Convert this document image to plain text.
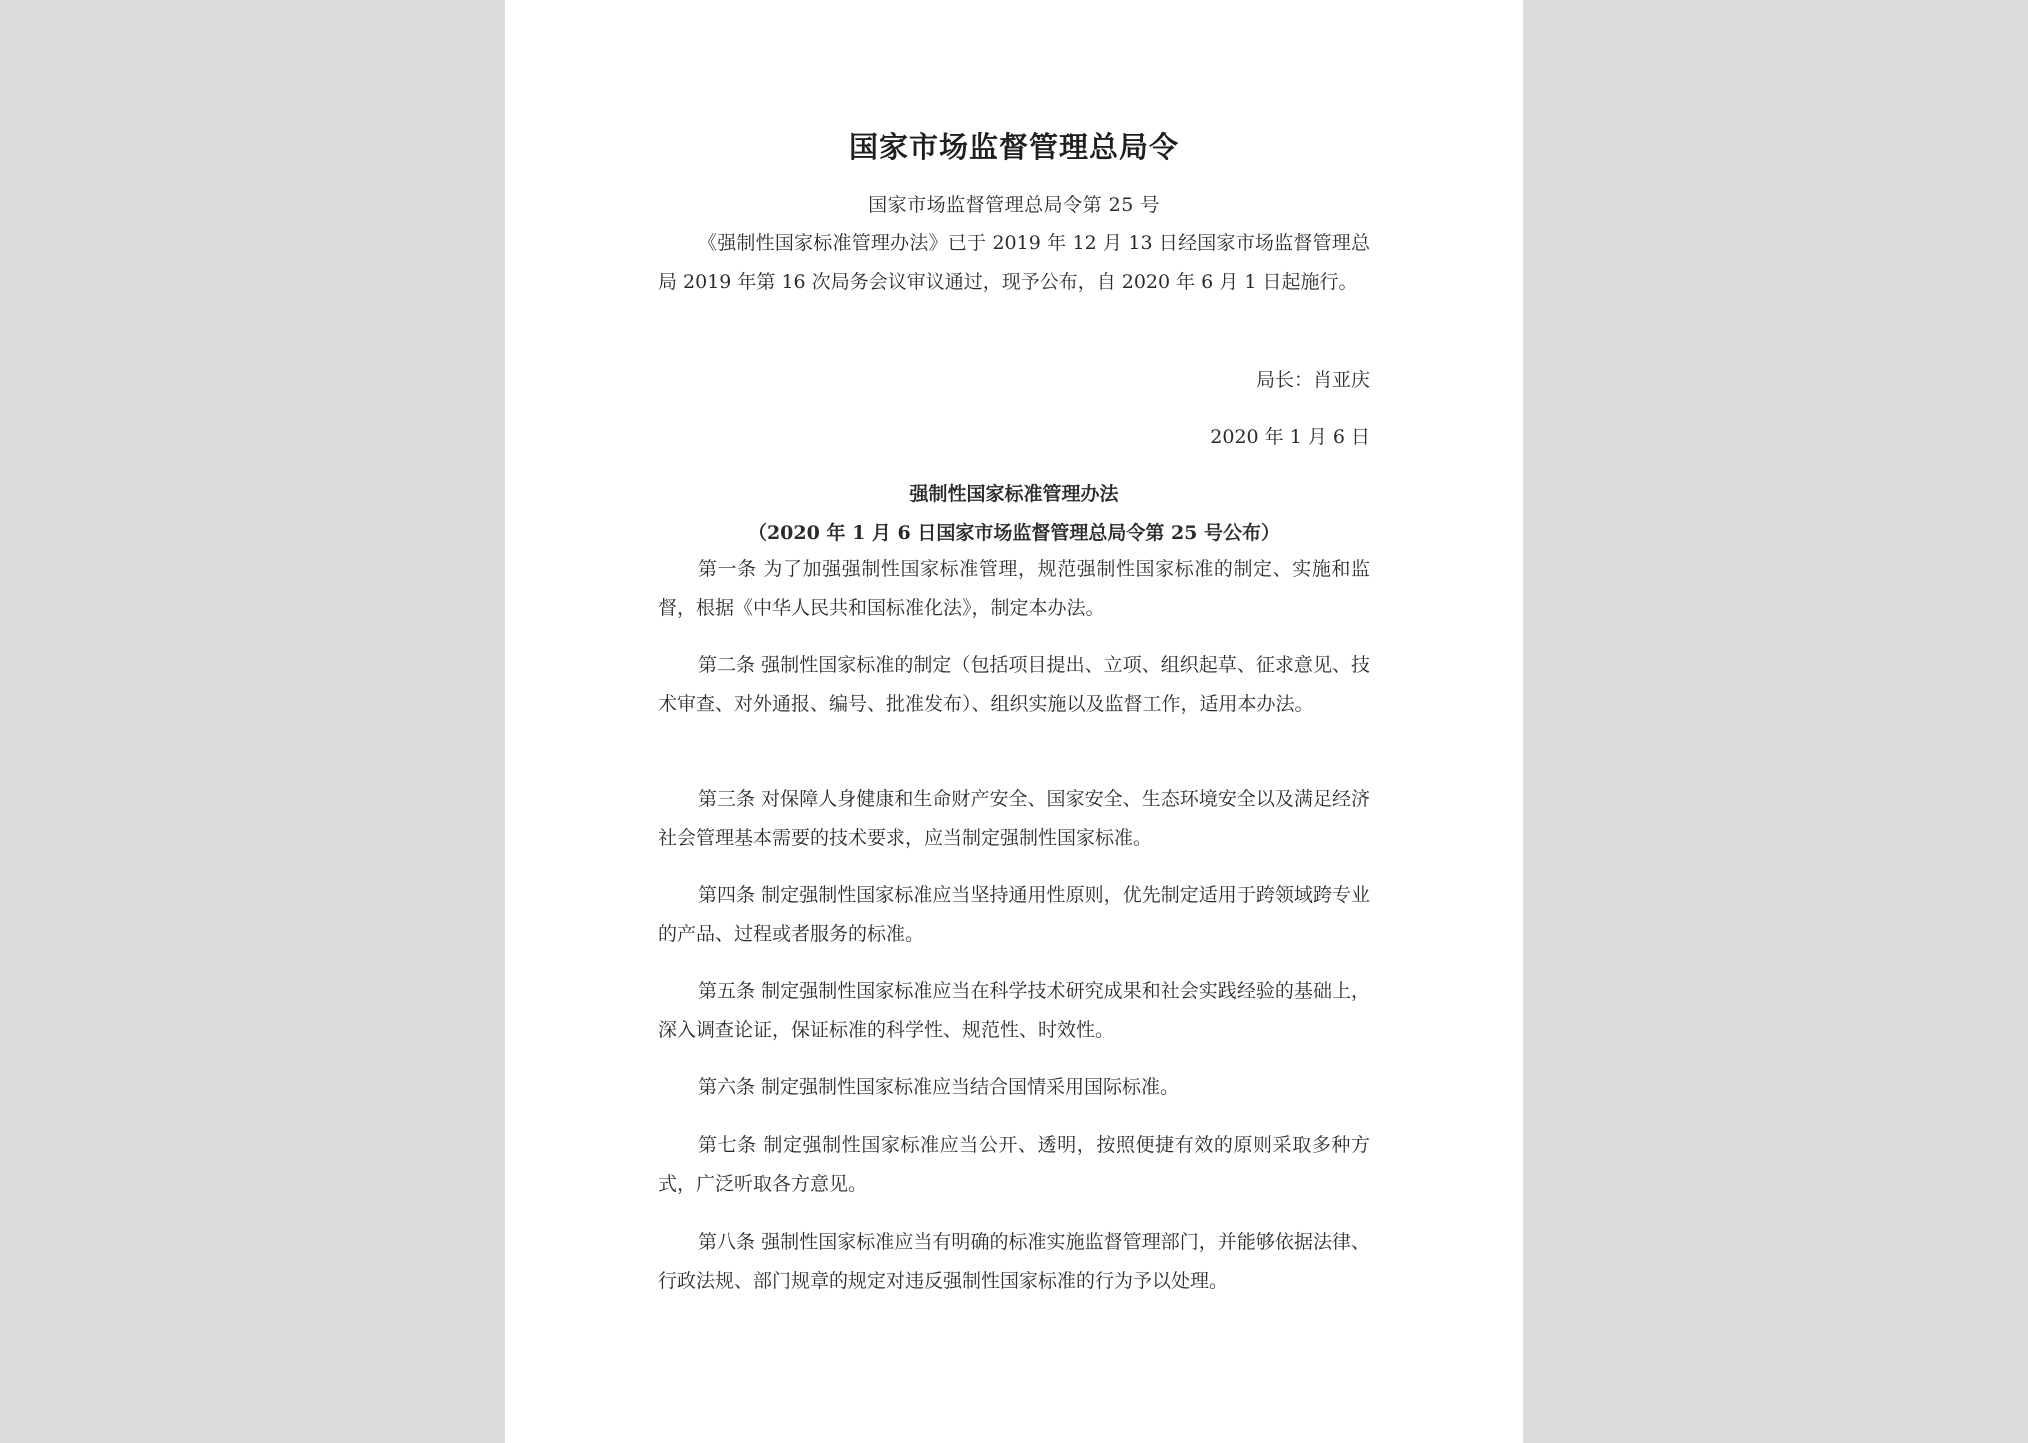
国家市场监督管理总局令
国家市场监督管理总局令第 25 号

《强制性国家标准管理办法》已于 2019 年 12 月 13 日经国家市场监督管理总局 2019 年第 16 次局务会议审议通过，现予公布，自 2020 年 6 月 1 日起施行。

局长：肖亚庆
2020 年 1 月 6 日
强制性国家标准管理办法
（2020 年 1 月 6 日国家市场监督管理总局令第 25 号公布）

第一条 为了加强强制性国家标准管理，规范强制性国家标准的制定、实施和监督，根据《中华人民共和国标准化法》，制定本办法。

第二条 强制性国家标准的制定（包括项目提出、立项、组织起草、征求意见、技术审查、对外通报、编号、批准发布）、组织实施以及监督工作，适用本办法。

第三条 对保障人身健康和生命财产安全、国家安全、生态环境安全以及满足经济社会管理基本需要的技术要求，应当制定强制性国家标准。

第四条 制定强制性国家标准应当坚持通用性原则，优先制定适用于跨领域跨专业的产品、过程或者服务的标准。

第五条 制定强制性国家标准应当在科学技术研究成果和社会实践经验的基础上，深入调查论证，保证标准的科学性、规范性、时效性。

第六条 制定强制性国家标准应当结合国情采用国际标准。

第七条 制定强制性国家标准应当公开、透明，按照便捷有效的原则采取多种方式，广泛听取各方意见。

第八条 强制性国家标准应当有明确的标准实施监督管理部门，并能够依据法律、行政法规、部门规章的规定对违反强制性国家标准的行为予以处理。
